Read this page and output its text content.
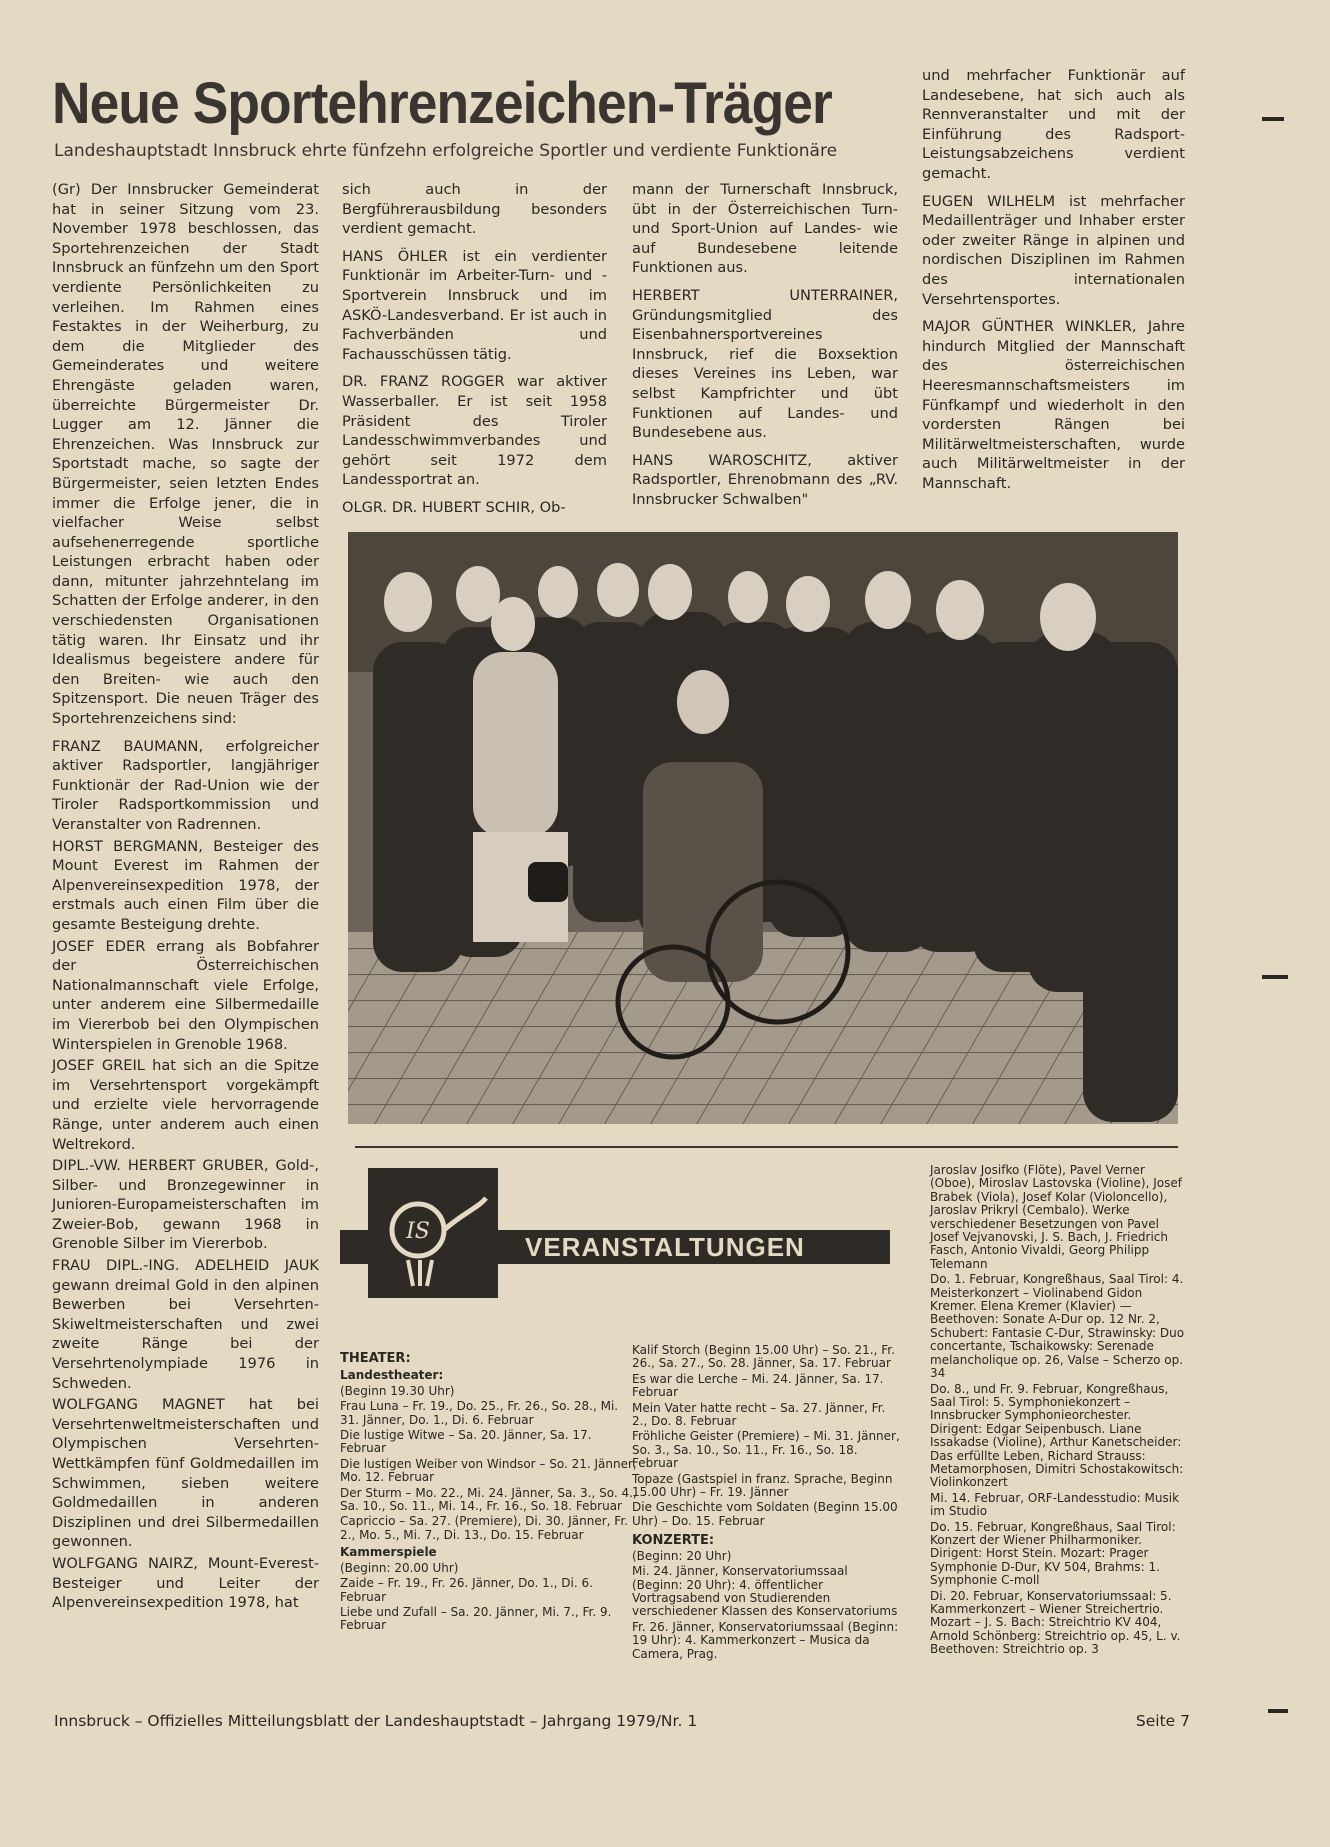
Neue Sportehrenzeichen-Träger
Landeshauptstadt Innsbruck ehrte fünfzehn erfolgreiche Sportler und verdiente Funktionäre

(Gr) Der Innsbrucker Gemeinderat hat in seiner Sitzung vom 23. November 1978 beschlossen, das Sportehrenzeichen der Stadt Innsbruck an fünfzehn um den Sport verdiente Persönlichkeiten zu verleihen. Im Rahmen eines Festaktes in der Weiherburg, zu dem die Mitglieder des Gemeinderates und weitere Ehrengäste geladen waren, überreichte Bürgermeister Dr. Lugger am 12. Jänner die Ehrenzeichen. Was Innsbruck zur Sportstadt mache, so sagte der Bürgermeister, seien letzten Endes immer die Erfolge jener, die in vielfacher Weise selbst aufsehenerregende sportliche Leistungen erbracht haben oder dann, mitunter jahrzehntelang im Schatten der Erfolge anderer, in den verschiedensten Organisationen tätig waren. Ihr Einsatz und ihr Idealismus begeistere andere für den Breiten- wie auch den Spitzensport. Die neuen Träger des Sportehrenzeichens sind:

FRANZ BAUMANN, erfolgreicher aktiver Radsportler, langjähriger Funktionär der Rad-Union wie der Tiroler Radsportkommission und Veranstalter von Radrennen.

HORST BERGMANN, Besteiger des Mount Everest im Rahmen der Alpenvereinsexpedition 1978, der erstmals auch einen Film über die gesamte Besteigung drehte.

JOSEF EDER errang als Bobfahrer der Österreichischen Nationalmannschaft viele Erfolge, unter anderem eine Silbermedaille im Viererbob bei den Olympischen Winterspielen in Grenoble 1968.

JOSEF GREIL hat sich an die Spitze im Versehrtensport vorgekämpft und erzielte viele hervorragende Ränge, unter anderem auch einen Weltrekord.

DIPL.-VW. HERBERT GRUBER, Gold-, Silber- und Bronzegewinner in Junioren-Europameisterschaften im Zweier-Bob, gewann 1968 in Grenoble Silber im Viererbob.

FRAU DIPL.-ING. ADELHEID JAUK gewann dreimal Gold in den alpinen Bewerben bei Versehrten-Skiweltmeisterschaften und zwei zweite Ränge bei der Versehrtenolympiade 1976 in Schweden.

WOLFGANG MAGNET hat bei Versehrtenweltmeisterschaften und Olympischen Versehrten-Wettkämpfen fünf Goldmedaillen im Schwimmen, sieben weitere Goldmedaillen in anderen Disziplinen und drei Silbermedaillen gewonnen.

WOLFGANG NAIRZ, Mount-Everest-Besteiger und Leiter der Alpenvereinsexpedition 1978, hat

sich auch in der Bergführerausbildung besonders verdient gemacht.

HANS ÖHLER ist ein verdienter Funktionär im Arbeiter-Turn- und -Sportverein Innsbruck und im ASKÖ-Landesverband. Er ist auch in Fachverbänden und Fachausschüssen tätig.

DR. FRANZ ROGGER war aktiver Wasserballer. Er ist seit 1958 Präsident des Tiroler Landesschwimmverbandes und gehört seit 1972 dem Landessportrat an.

OLGR. DR. HUBERT SCHIR, Ob-

mann der Turnerschaft Innsbruck, übt in der Österreichischen Turn- und Sport-Union auf Landes- wie auf Bundesebene leitende Funktionen aus.

HERBERT UNTERRAINER, Gründungsmitglied des Eisenbahnersportvereines Innsbruck, rief die Boxsektion dieses Vereines ins Leben, war selbst Kampfrichter und übt Funktionen auf Landes- und Bundesebene aus.

HANS WAROSCHITZ, aktiver Radsportler, Ehrenobmann des „RV. Innsbrucker Schwalben"

und mehrfacher Funktionär auf Landesebene, hat sich auch als Rennveranstalter und mit der Einführung des Radsport-Leistungsabzeichens verdient gemacht.

EUGEN WILHELM ist mehrfacher Medaillenträger und Inhaber erster oder zweiter Ränge in alpinen und nordischen Disziplinen im Rahmen des internationalen Versehrtensportes.

MAJOR GÜNTHER WINKLER, Jahre hindurch Mitglied der Mannschaft des österreichischen Heeresmannschaftsmeisters im Fünfkampf und wiederholt in den vordersten Rängen bei Militärweltmeisterschaften, wurde auch Militärweltmeister in der Mannschaft.

IS
VERANSTALTUNGEN

THEATER:

Landestheater:

(Beginn 19.30 Uhr)

Frau Luna – Fr. 19., Do. 25., Fr. 26., So. 28., Mi. 31. Jänner, Do. 1., Di. 6. Februar

Die lustige Witwe – Sa. 20. Jänner, Sa. 17. Februar

Die lustigen Weiber von Windsor – So. 21. Jänner, Mo. 12. Februar

Der Sturm – Mo. 22., Mi. 24. Jänner, Sa. 3., So. 4., Sa. 10., So. 11., Mi. 14., Fr. 16., So. 18. Februar

Capriccio – Sa. 27. (Premiere), Di. 30. Jänner, Fr. 2., Mo. 5., Mi. 7., Di. 13., Do. 15. Februar

Kammerspiele

(Beginn: 20.00 Uhr)

Zaide – Fr. 19., Fr. 26. Jänner, Do. 1., Di. 6. Februar

Liebe und Zufall – Sa. 20. Jänner, Mi. 7., Fr. 9. Februar

Kalif Storch (Beginn 15.00 Uhr) – So. 21., Fr. 26., Sa. 27., So. 28. Jänner, Sa. 17. Februar

Es war die Lerche – Mi. 24. Jänner, Sa. 17. Februar

Mein Vater hatte recht – Sa. 27. Jänner, Fr. 2., Do. 8. Februar

Fröhliche Geister (Premiere) – Mi. 31. Jänner, So. 3., Sa. 10., So. 11., Fr. 16., So. 18. Februar

Topaze (Gastspiel in franz. Sprache, Beginn 15.00 Uhr) – Fr. 19. Jänner

Die Geschichte vom Soldaten (Beginn 15.00 Uhr) – Do. 15. Februar

KONZERTE:

(Beginn: 20 Uhr)

Mi. 24. Jänner, Konservatoriumssaal (Beginn: 20 Uhr): 4. öffentlicher Vortragsabend von Studierenden verschiedener Klassen des Konservatoriums

Fr. 26. Jänner, Konservatoriumssaal (Beginn: 19 Uhr): 4. Kammerkonzert – Musica da Camera, Prag.

Jaroslav Josifko (Flöte), Pavel Verner (Oboe), Miroslav Lastovska (Violine), Josef Brabek (Viola), Josef Kolar (Violoncello), Jaroslav Prikryl (Cembalo). Werke verschiedener Besetzungen von Pavel Josef Vejvanovski, J. S. Bach, J. Friedrich Fasch, Antonio Vivaldi, Georg Philipp Telemann

Do. 1. Februar, Kongreßhaus, Saal Tirol: 4. Meisterkonzert – Violinabend Gidon Kremer. Elena Kremer (Klavier) — Beethoven: Sonate A-Dur op. 12 Nr. 2, Schubert: Fantasie C-Dur, Strawinsky: Duo concertante, Tschaikowsky: Serenade melancholique op. 26, Valse – Scherzo op. 34

Do. 8., und Fr. 9. Februar, Kongreßhaus, Saal Tirol: 5. Symphoniekonzert – Innsbrucker Symphonieorchester. Dirigent: Edgar Seipenbusch. Liane Issakadse (Violine), Arthur Kanetscheider: Das erfüllte Leben, Richard Strauss: Metamorphosen, Dimitri Schostakowitsch: Violinkonzert

Mi. 14. Februar, ORF-Landesstudio: Musik im Studio

Do. 15. Februar, Kongreßhaus, Saal Tirol: Konzert der Wiener Philharmoniker. Dirigent: Horst Stein. Mozart: Prager Symphonie D-Dur, KV 504, Brahms: 1. Symphonie C-moll

Di. 20. Februar, Konservatoriumssaal: 5. Kammerkonzert – Wiener Streichertrio. Mozart – J. S. Bach: Streichtrio KV 404, Arnold Schönberg: Streichtrio op. 45, L. v. Beethoven: Streichtrio op. 3

Innsbruck – Offizielles Mitteilungsblatt der Landeshauptstadt – Jahrgang 1979/Nr. 1	Seite 7
